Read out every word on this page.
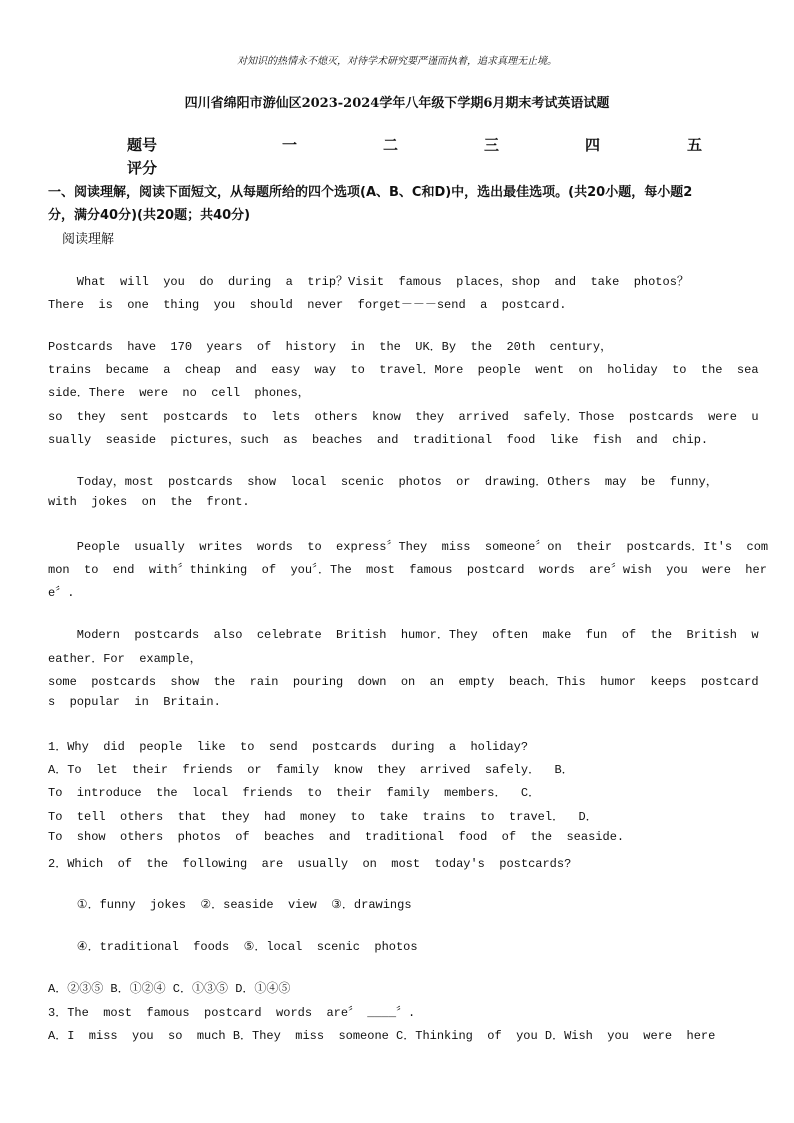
对知识的热情永不熄灭，对待学术研究要严谨而执着，追求真理无止境。
四川省绵阳市游仙区2023-2024学年八年级下学期6月期末考试英语试题
题号	一	二	三	四	五
评分
一、阅读理解，阅读下面短文，从每题所给的四个选项(A、B、C和D)中，选出最佳选项。(共20小题，每小题2
分，满分40分)(共20题；共40分)
阅读理解
What  will  you  do  during  a  trip？Visit  famous  places，shop  and  take  photos？
There  is  one  thing  you  should  never  forget－－－send  a  postcard.
Postcards  have  170  years  of  history  in  the  UK．By  the  20th  century，
trains  became  a  cheap  and  easy  way  to  travel．More  people  went  on  holiday  to  the  sea
side．There  were  no  cell  phones，
so  they  sent  postcards  to  lets  others  know  they  arrived  safely．Those  postcards  were  u
sually  seaside  pictures，such  as  beaches  and  traditional  food  like  fish  and  chip.
Today，most  postcards  show  local  scenic  photos  or  drawing．Others  may  be  funny，
with  jokes  on  the  front.
People  usually  writes  words  to  express〞They  miss  someone〞on  their  postcards．It's  com
mon  to  end  with〞thinking  of  you〞．The  most  famous  postcard  words  are〞wish  you  were  her
e〞.
Modern  postcards  also  celebrate  British  humor．They  often  make  fun  of  the  British  w
eather．For  example，
some  postcards  show  the  rain  pouring  down  on  an  empty  beach．This  humor  keeps  postcard
s  popular  in  Britain.
1．Why  did  people  like  to  send  postcards  during  a  holiday?
A．To  let  their  friends  or  family  know  they  arrived  safely．  B．
To  introduce  the  local  friends  to  their  family  members．  C．
To  tell  others  that  they  had  money  to  take  trains  to  travel．  D．
To  show  others  photos  of  beaches  and  traditional  food  of  the  seaside.
2．Which  of  the  following  are  usually  on  most  today's  postcards?
①．funny  jokes  ②．seaside  view  ③．drawings
④．traditional  foods  ⑤．local  scenic  photos
A．②③⑤ B．①②④ C．①③⑤ D．①④⑤
3．The  most  famous  postcard  words  are〞 ____〞.
A．I  miss  you  so  much B．They  miss  someone C．Thinking  of  you D．Wish  you  were  here
